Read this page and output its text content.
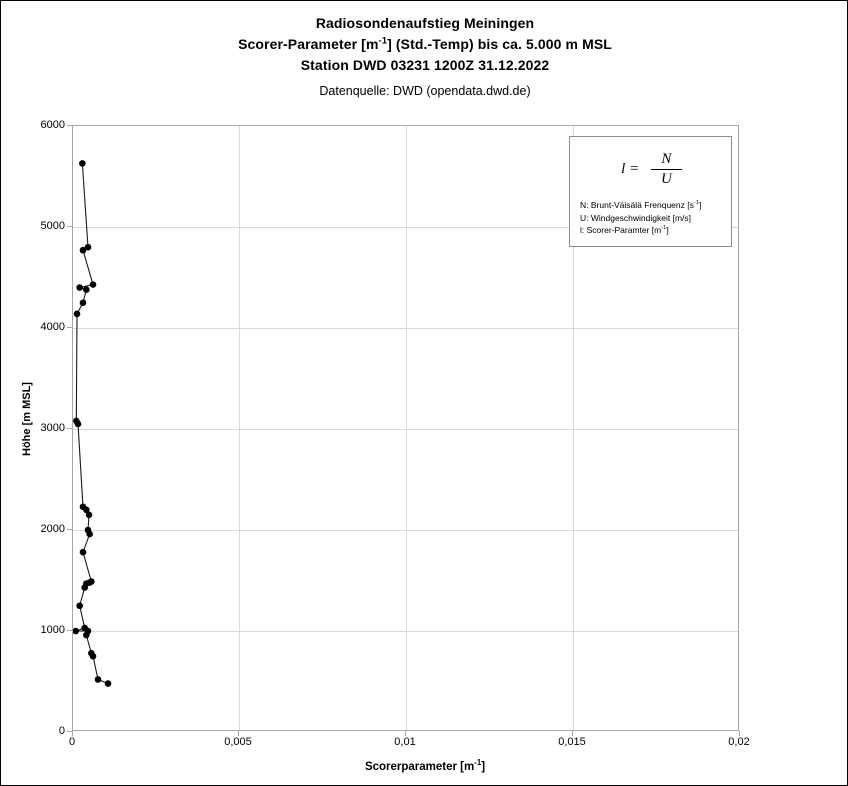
Radiosondenaufstieg Meiningen
Scorer-Parameter $[m^{-1}]$ (Std.-Temp) bis ca. 5.000 m MSL
Station DWD 03231 1200Z 31.12.2022
Datenquelle: DWD (opendata.dwd.de)
Höhe [m MSL]
6000
5000
4000
3000
2000
1000
0
0	0,005	0,01	0,015	0,02
Scorerparameter $[m^{-1}]$
$l = \frac{N}{U}$
N: Brunt-Väisälä Frenquenz $[s^{-1}]$
U: Windgeschwindigkeit [m/s]
l: Scorer-Paramter $[m^{-1}]$
